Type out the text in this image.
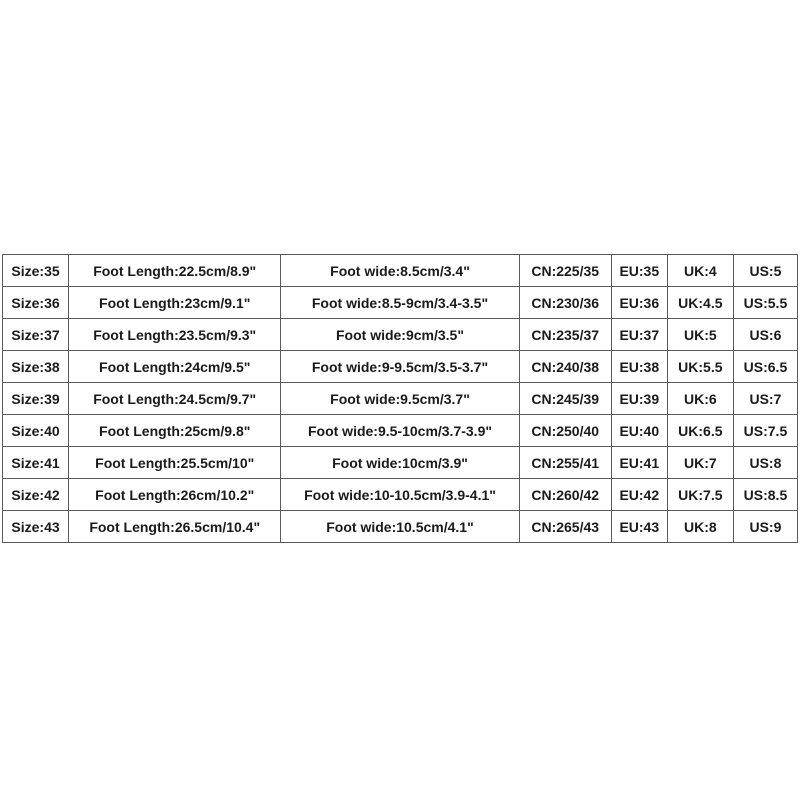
Size:35	Foot Length:22.5cm/8.9"	Foot wide:8.5cm/3.4"	CN:225/35	EU:35	UK:4	US:5
Size:36	Foot Length:23cm/9.1"	Foot wide:8.5-9cm/3.4-3.5"	CN:230/36	EU:36	UK:4.5	US:5.5
Size:37	Foot Length:23.5cm/9.3"	Foot wide:9cm/3.5"	CN:235/37	EU:37	UK:5	US:6
Size:38	Foot Length:24cm/9.5"	Foot wide:9-9.5cm/3.5-3.7"	CN:240/38	EU:38	UK:5.5	US:6.5
Size:39	Foot Length:24.5cm/9.7"	Foot wide:9.5cm/3.7"	CN:245/39	EU:39	UK:6	US:7
Size:40	Foot Length:25cm/9.8"	Foot wide:9.5-10cm/3.7-3.9"	CN:250/40	EU:40	UK:6.5	US:7.5
Size:41	Foot Length:25.5cm/10"	Foot wide:10cm/3.9"	CN:255/41	EU:41	UK:7	US:8
Size:42	Foot Length:26cm/10.2"	Foot wide:10-10.5cm/3.9-4.1"	CN:260/42	EU:42	UK:7.5	US:8.5
Size:43	Foot Length:26.5cm/10.4"	Foot wide:10.5cm/4.1"	CN:265/43	EU:43	UK:8	US:9
